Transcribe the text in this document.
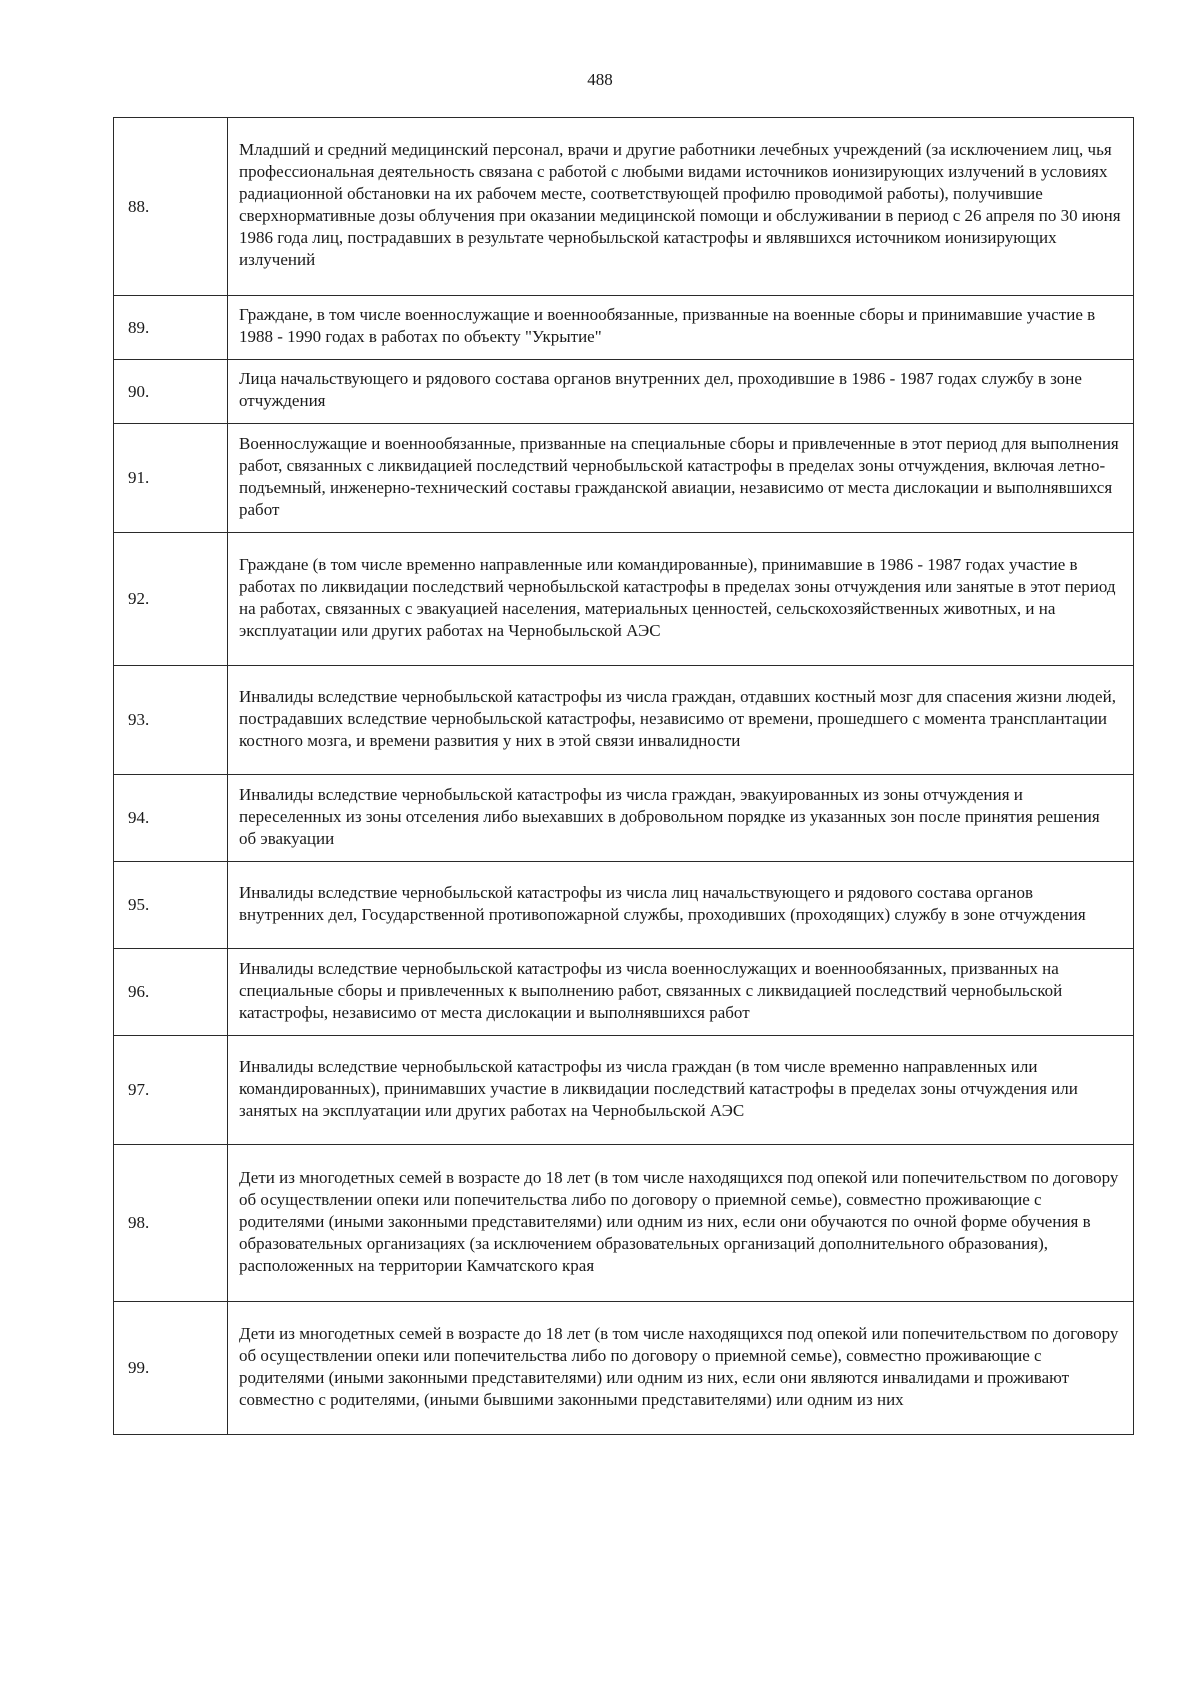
488
88.	Младший и средний медицинский персонал, врачи и другие работники лечебных учреждений (за исключением лиц, чья профессиональная деятельность связана с работой с любыми видами источников ионизирующих излучений в условиях радиационной обстановки на их рабочем месте, соответствующей профилю проводимой работы), получившие сверхнормативные дозы облучения при оказании медицинской помощи и обслуживании в период с 26 апреля по 30 июня 1986 года лиц, пострадавших в результате чернобыльской катастрофы и являвшихся источником ионизирующих излучений
89.	Граждане, в том числе военнослужащие и военнообязанные, призванные на военные сборы и принимавшие участие в 1988 - 1990 годах в работах по объекту "Укрытие"
90.	Лица начальствующего и рядового состава органов внутренних дел, проходившие в 1986 - 1987 годах службу в зоне отчуждения
91.	Военнослужащие и военнообязанные, призванные на специальные сборы и привлеченные в этот период для выполнения работ, связанных с ликвидацией последствий чернобыльской катастрофы в пределах зоны отчуждения, включая летно-подъемный, инженерно-технический составы гражданской авиации, независимо от места дислокации и выполнявшихся работ
92.	Граждане (в том числе временно направленные или командированные), принимавшие в 1986 - 1987 годах участие в работах по ликвидации последствий чернобыльской катастрофы в пределах зоны отчуждения или занятые в этот период на работах, связанных с эвакуацией населения, материальных ценностей, сельскохозяйственных животных, и на эксплуатации или других работах на Чернобыльской АЭС
93.	Инвалиды вследствие чернобыльской катастрофы из числа граждан, отдавших костный мозг для спасения жизни людей, пострадавших вследствие чернобыльской катастрофы, независимо от времени, прошедшего с момента трансплантации костного мозга, и времени развития у них в этой связи инвалидности
94.	Инвалиды вследствие чернобыльской катастрофы из числа граждан, эвакуированных из зоны отчуждения и переселенных из зоны отселения либо выехавших в добровольном порядке из указанных зон после принятия решения об эвакуации
95.	Инвалиды вследствие чернобыльской катастрофы из числа лиц начальствующего и рядового состава органов внутренних дел, Государственной противопожарной службы, проходивших (проходящих) службу в зоне отчуждения
96.	Инвалиды вследствие чернобыльской катастрофы из числа военнослужащих и военнообязанных, призванных на специальные сборы и привлеченных к выполнению работ, связанных с ликвидацией последствий чернобыльской катастрофы, независимо от места дислокации и выполнявшихся работ
97.	Инвалиды вследствие чернобыльской катастрофы из числа граждан (в том числе временно направленных или командированных), принимавших участие в ликвидации последствий катастрофы в пределах зоны отчуждения или занятых на эксплуатации или других работах на Чернобыльской АЭС
98.	Дети из многодетных семей в возрасте до 18 лет (в том числе находящихся под опекой или попечительством по договору об осуществлении опеки или попечительства либо по договору о приемной семье), совместно проживающие с родителями (иными законными представителями) или одним из них, если они обучаются по очной форме обучения в образовательных организациях (за исключением образовательных организаций дополнительного образования), расположенных на территории Камчатского края
99.	Дети из многодетных семей в возрасте до 18 лет (в том числе находящихся под опекой или попечительством по договору об осуществлении опеки или попечительства либо по договору о приемной семье), совместно проживающие с родителями (иными законными представителями) или одним из них, если они являются инвалидами и проживают совместно с родителями, (иными бывшими законными представителями) или одним из них
